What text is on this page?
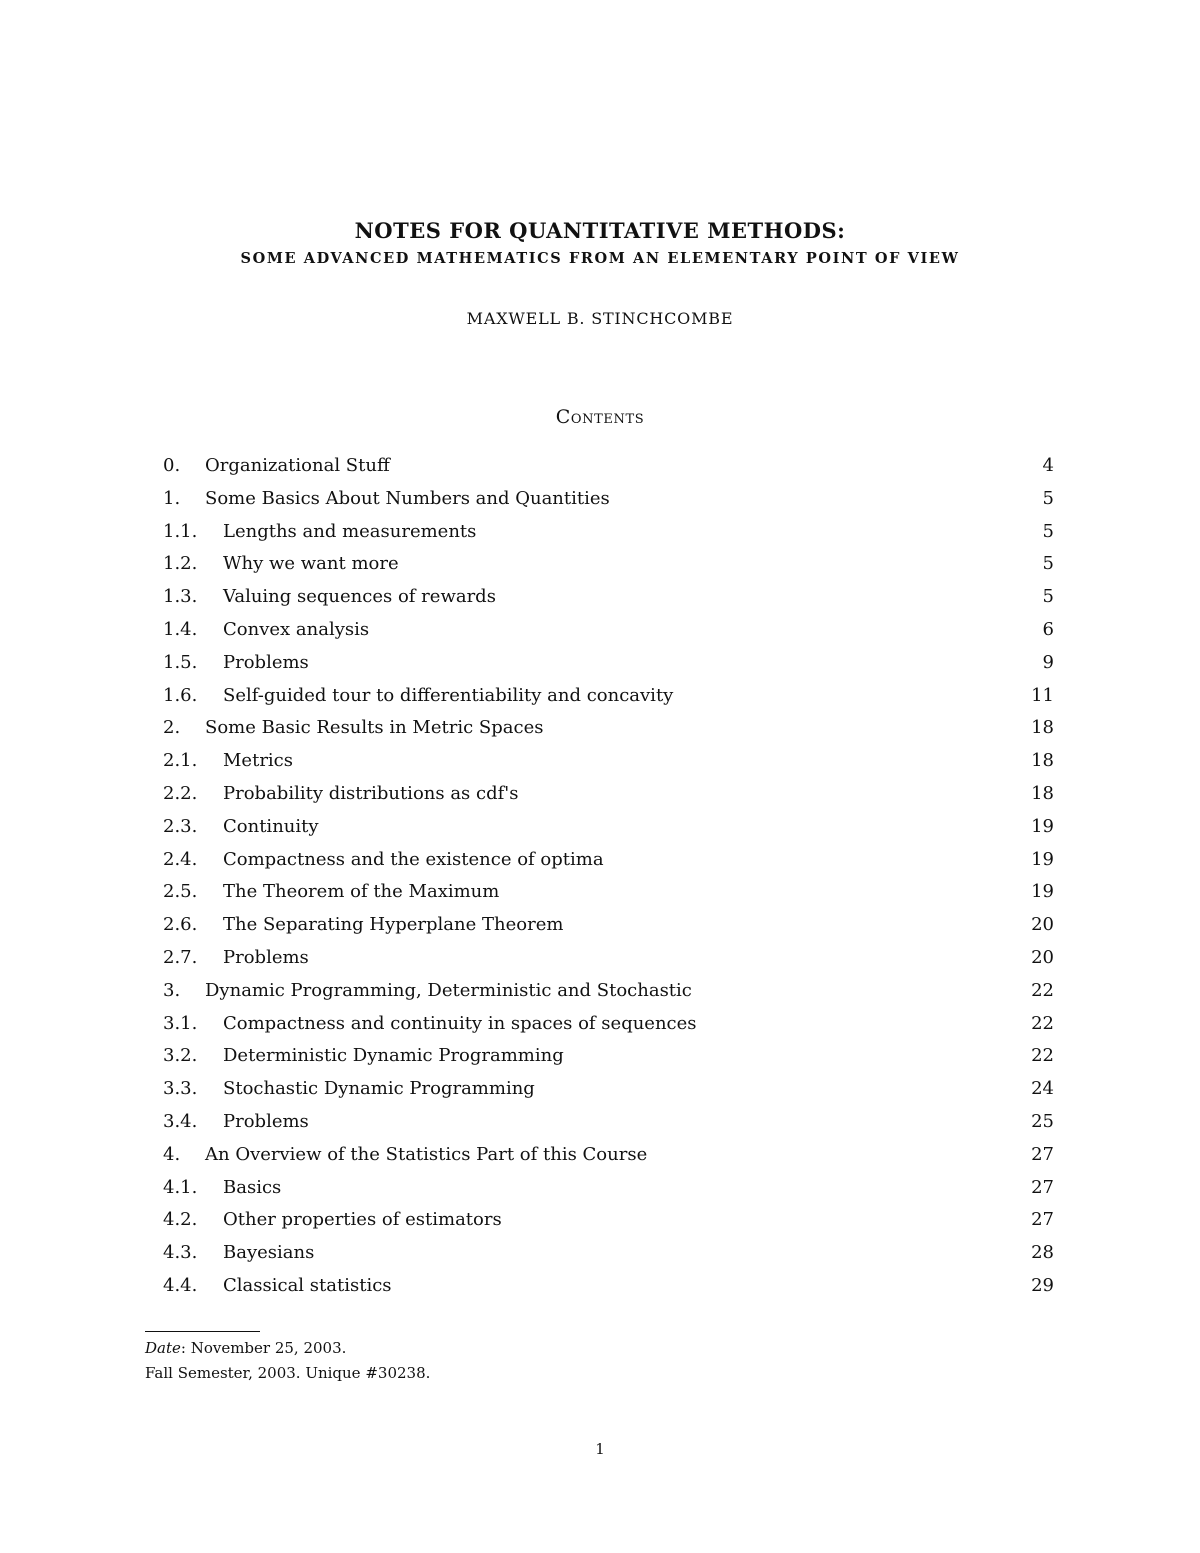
NOTES FOR QUANTITATIVE METHODS:
SOME ADVANCED MATHEMATICS FROM AN ELEMENTARY POINT OF VIEW
MAXWELL B. STINCHCOMBE
Contents
0. Organizational Stuff	4
1. Some Basics About Numbers and Quantities	5
1.1. Lengths and measurements	5
1.2. Why we want more	5
1.3. Valuing sequences of rewards	5
1.4. Convex analysis	6
1.5. Problems	9
1.6. Self-guided tour to differentiability and concavity	11
2. Some Basic Results in Metric Spaces	18
2.1. Metrics	18
2.2. Probability distributions as cdf's	18
2.3. Continuity	19
2.4. Compactness and the existence of optima	19
2.5. The Theorem of the Maximum	19
2.6. The Separating Hyperplane Theorem	20
2.7. Problems	20
3. Dynamic Programming, Deterministic and Stochastic	22
3.1. Compactness and continuity in spaces of sequences	22
3.2. Deterministic Dynamic Programming	22
3.3. Stochastic Dynamic Programming	24
3.4. Problems	25
4. An Overview of the Statistics Part of this Course	27
4.1. Basics	27
4.2. Other properties of estimators	27
4.3. Bayesians	28
4.4. Classical statistics	29
Date: November 25, 2003.
Fall Semester, 2003. Unique #30238.
1
